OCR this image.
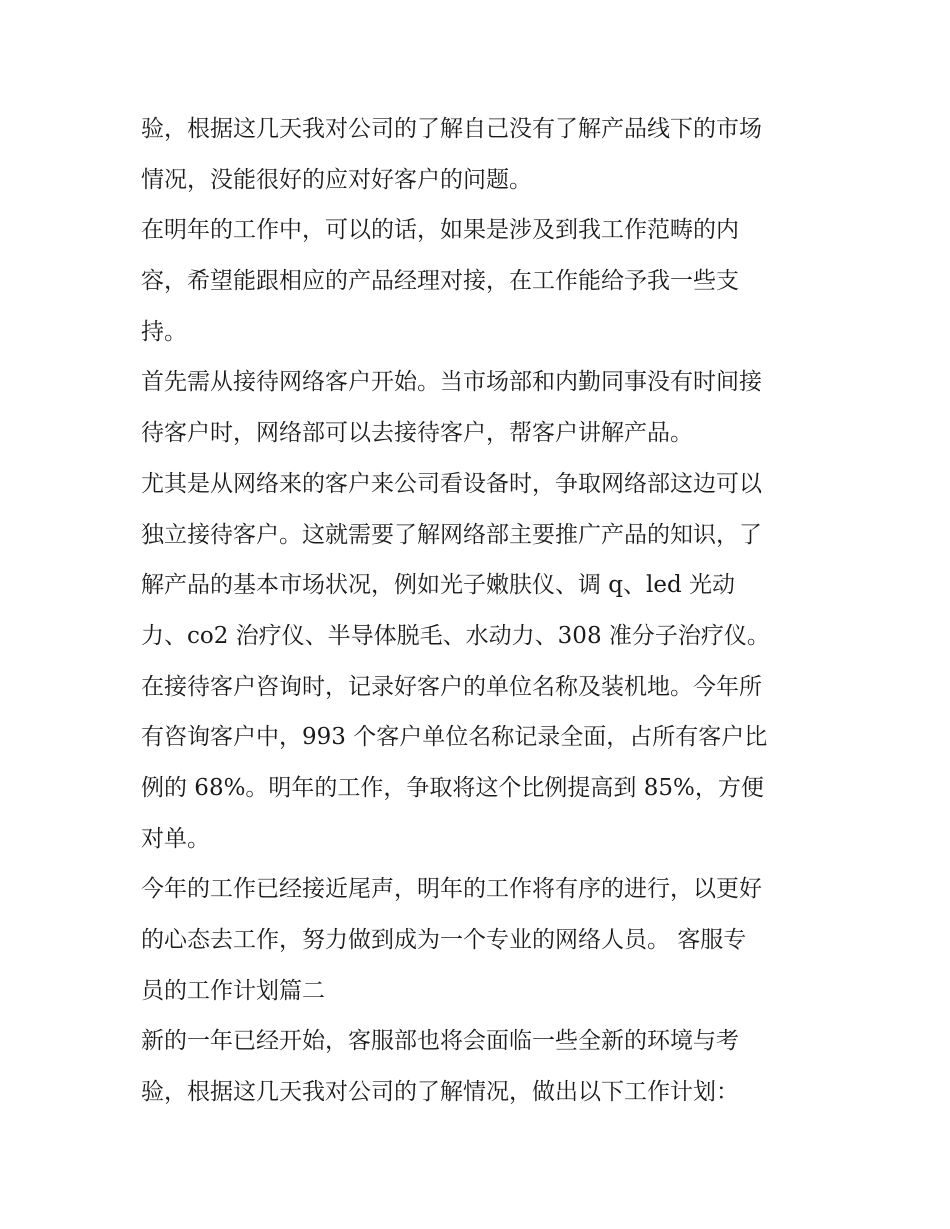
验，根据这几天我对公司的了解自己没有了解产品线下的市场
情况，没能很好的应对好客户的问题。
在明年的工作中，可以的话，如果是涉及到我工作范畴的内
容，希望能跟相应的产品经理对接，在工作能给予我一些支
持。
首先需从接待网络客户开始。当市场部和内勤同事没有时间接
待客户时，网络部可以去接待客户，帮客户讲解产品。
尤其是从网络来的客户来公司看设备时，争取网络部这边可以
独立接待客户。这就需要了解网络部主要推广产品的知识，了
解产品的基本市场状况，例如光子嫩肤仪、调 q、led 光动
力、co2 治疗仪、半导体脱毛、水动力、308 准分子治疗仪。
在接待客户咨询时，记录好客户的单位名称及装机地。今年所
有咨询客户中，993 个客户单位名称记录全面，占所有客户比
例的 68%。明年的工作，争取将这个比例提高到 85%，方便
对单。
今年的工作已经接近尾声，明年的工作将有序的进行，以更好
的心态去工作，努力做到成为一个专业的网络人员。 客服专
员的工作计划篇二
新的一年已经开始，客服部也将会面临一些全新的环境与考
验，根据这几天我对公司的了解情况，做出以下工作计划：
